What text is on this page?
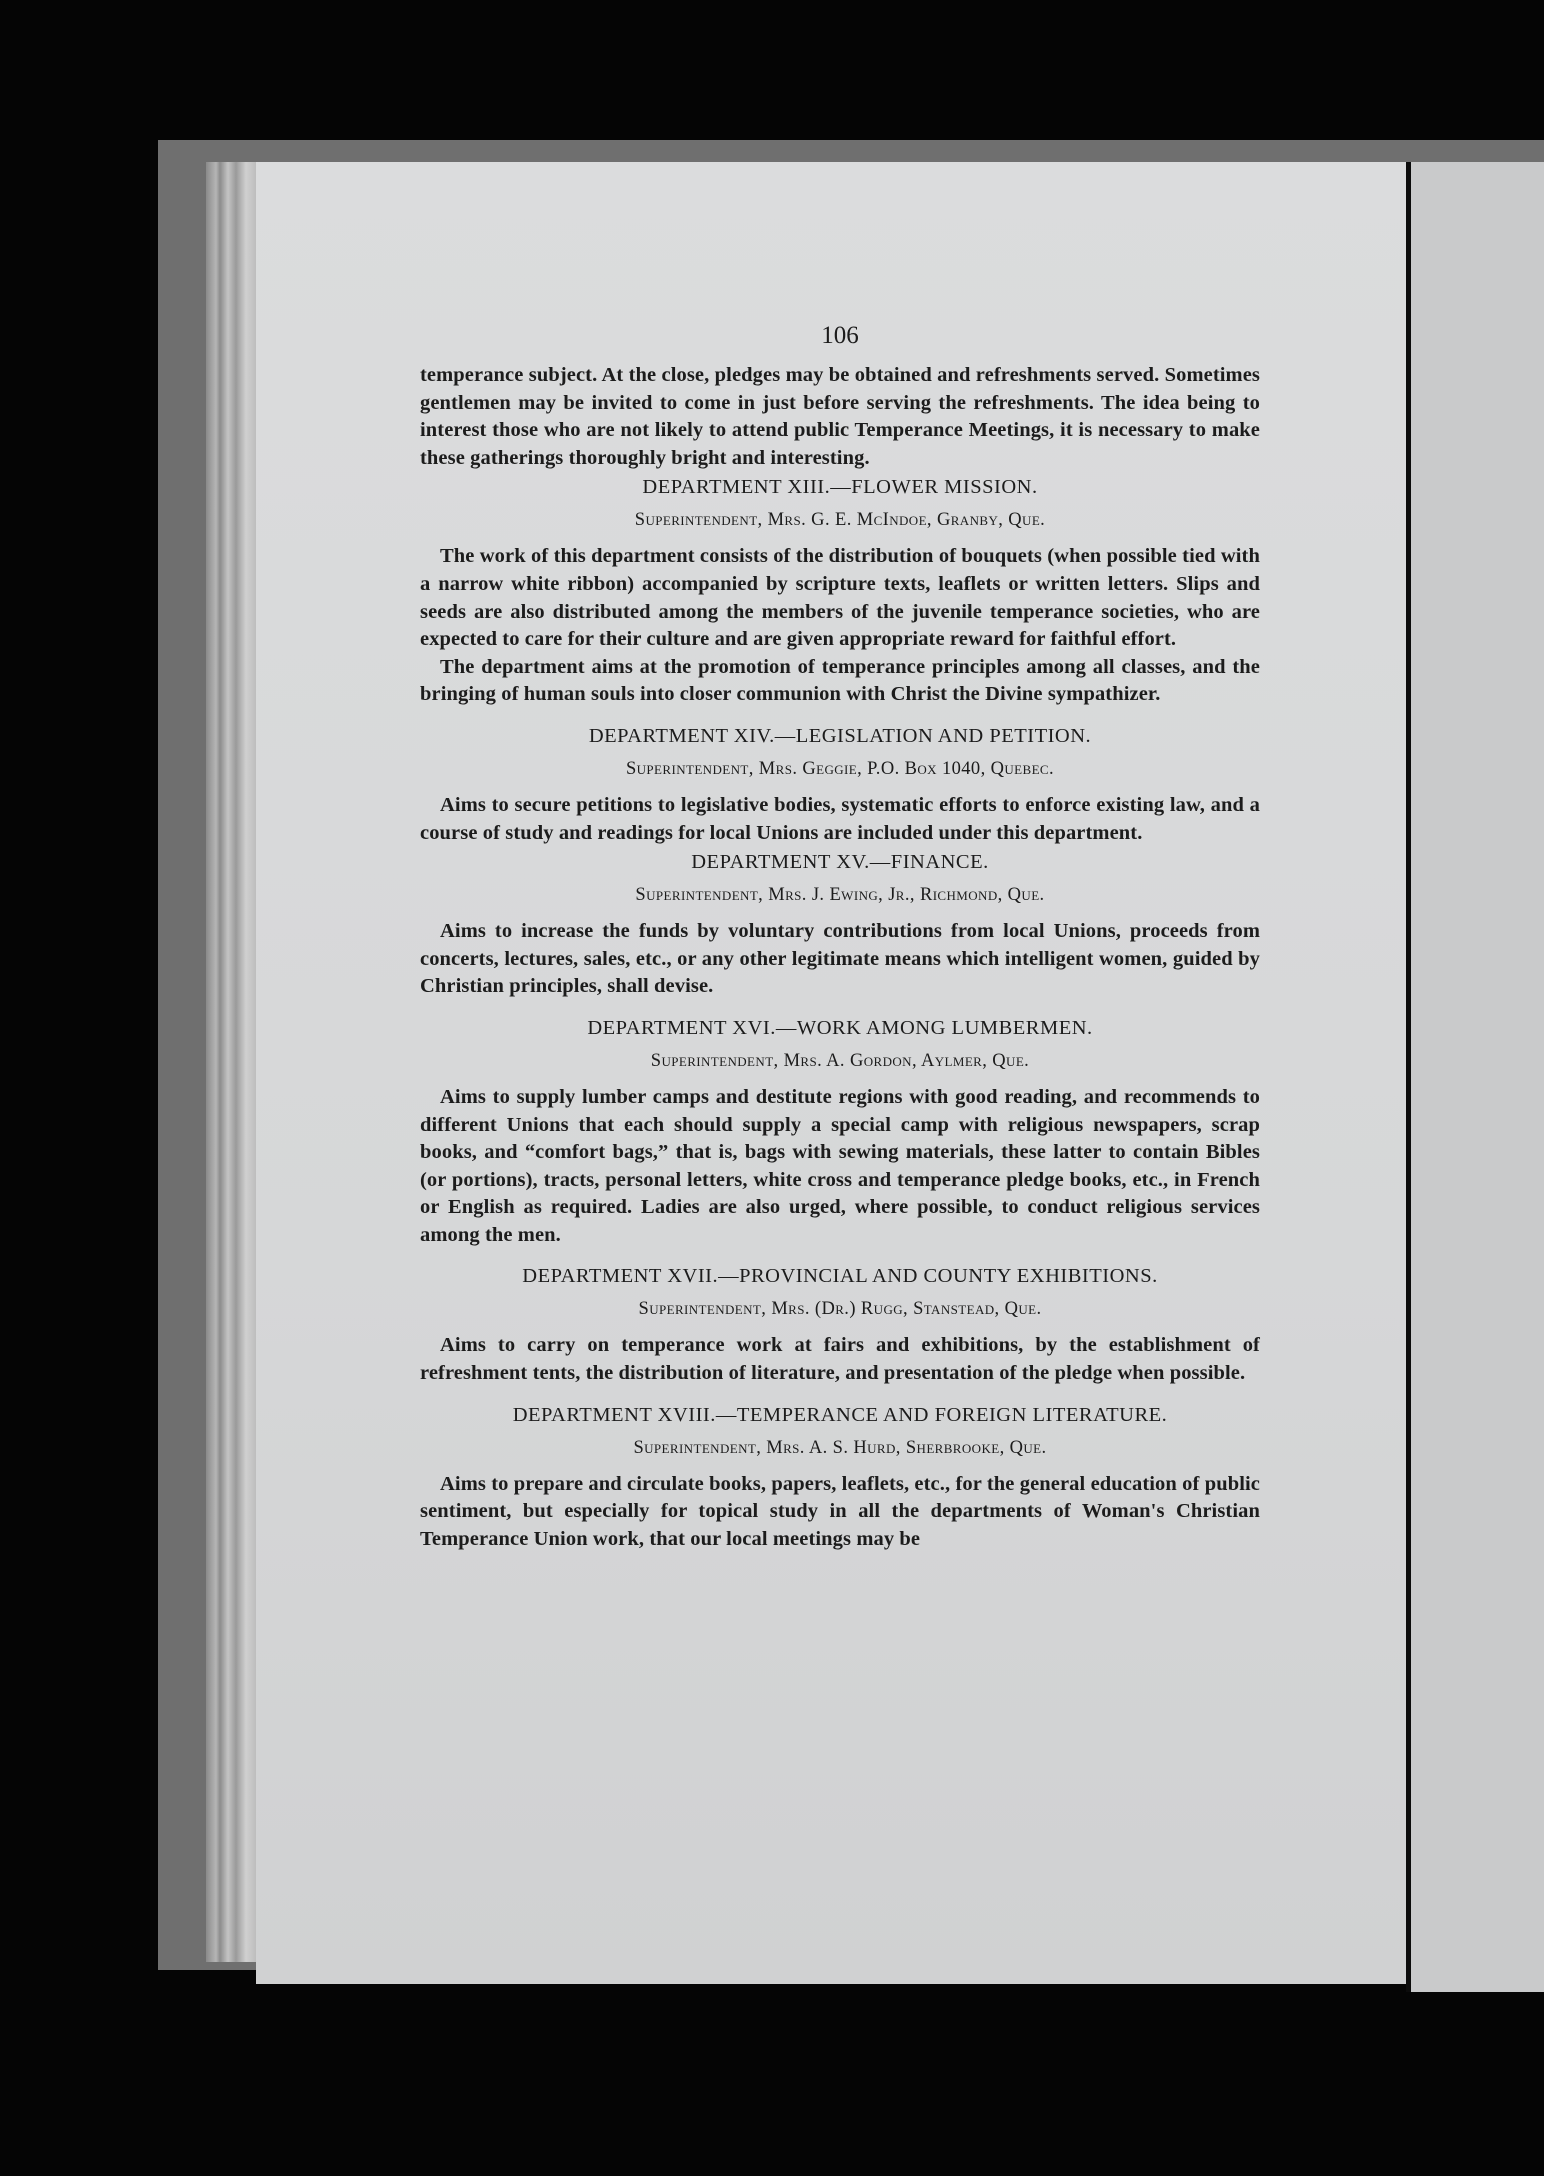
106

temperance subject. At the close, pledges may be obtained and refreshments served. Sometimes gentlemen may be invited to come in just before serving the refreshments. The idea being to interest those who are not likely to attend public Temperance Meetings, it is necessary to make these gatherings thoroughly bright and interesting.

DEPARTMENT XIII.—FLOWER MISSION.
Superintendent, Mrs. G. E. McIndoe, Granby, Que.

The work of this department consists of the distribution of bouquets (when possible tied with a narrow white ribbon) accompanied by scripture texts, leaflets or written letters. Slips and seeds are also distributed among the members of the juvenile temperance societies, who are expected to care for their culture and are given appropriate reward for faithful effort.

The department aims at the promotion of temperance principles among all classes, and the bringing of human souls into closer communion with Christ the Divine sympathizer.

DEPARTMENT XIV.—LEGISLATION AND PETITION.
Superintendent, Mrs. Geggie, P.O. Box 1040, Quebec.

Aims to secure petitions to legislative bodies, systematic efforts to enforce existing law, and a course of study and readings for local Unions are included under this department.

DEPARTMENT XV.—FINANCE.
Superintendent, Mrs. J. Ewing, Jr., Richmond, Que.

Aims to increase the funds by voluntary contributions from local Unions, proceeds from concerts, lectures, sales, etc., or any other legitimate means which intelligent women, guided by Christian principles, shall devise.

DEPARTMENT XVI.—WORK AMONG LUMBERMEN.
Superintendent, Mrs. A. Gordon, Aylmer, Que.

Aims to supply lumber camps and destitute regions with good reading, and recommends to different Unions that each should supply a special camp with religious newspapers, scrap books, and “comfort bags,” that is, bags with sewing materials, these latter to contain Bibles (or portions), tracts, personal letters, white cross and temperance pledge books, etc., in French or English as required. Ladies are also urged, where possible, to conduct religious services among the men.

DEPARTMENT XVII.—PROVINCIAL AND COUNTY EXHIBITIONS.
Superintendent, Mrs. (Dr.) Rugg, Stanstead, Que.

Aims to carry on temperance work at fairs and exhibitions, by the establishment of refreshment tents, the distribution of literature, and presentation of the pledge when possible.

DEPARTMENT XVIII.—TEMPERANCE AND FOREIGN LITERATURE.
Superintendent, Mrs. A. S. Hurd, Sherbrooke, Que.

Aims to prepare and circulate books, papers, leaflets, etc., for the general education of public sentiment, but especially for topical study in all the departments of Woman's Christian Temperance Union work, that our local meetings may be
